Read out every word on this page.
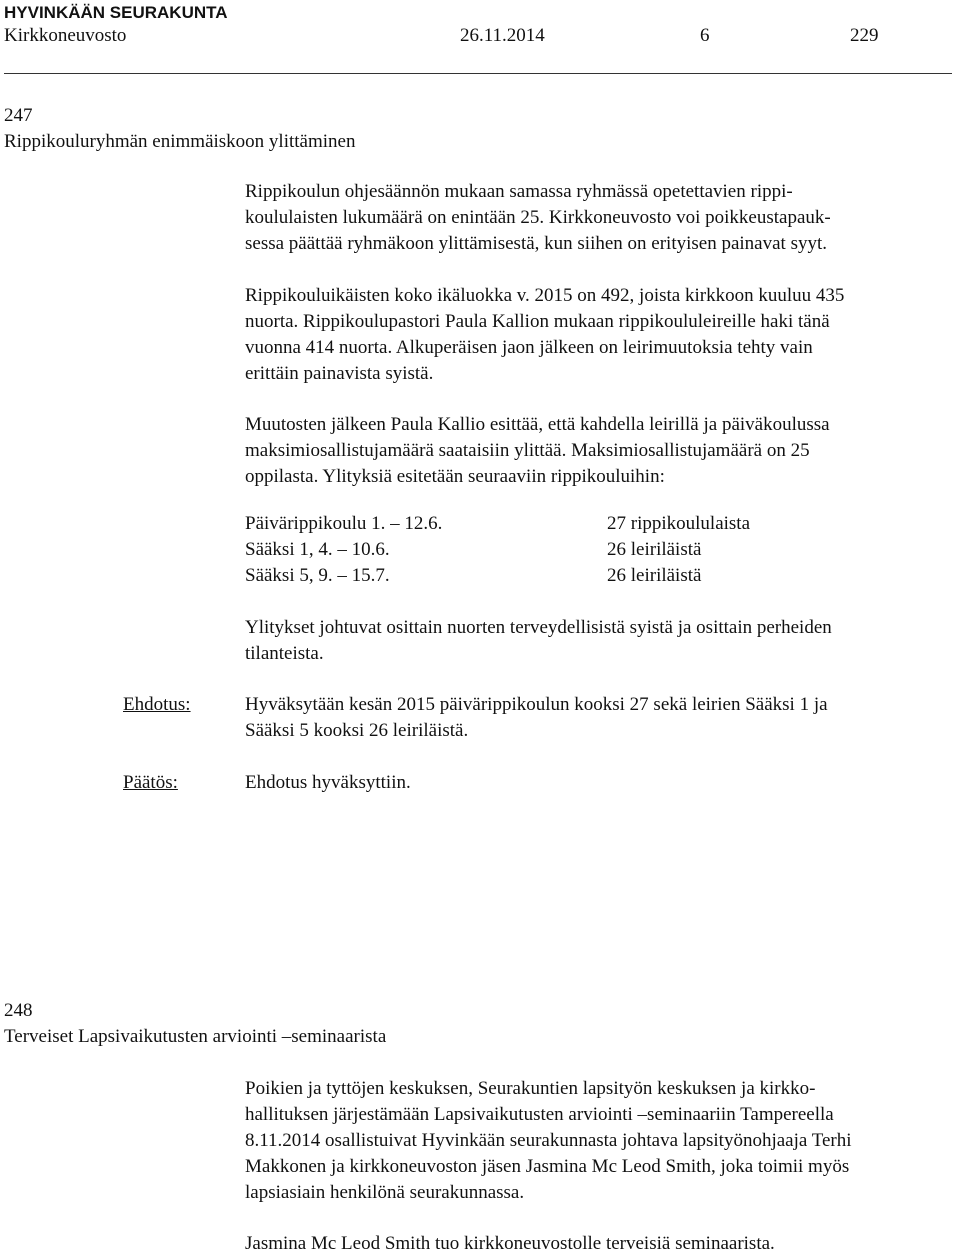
HYVINKÄÄN SEURAKUNTA
Kirkkoneuvosto	26.11.2014	6	229
247
Rippikouluryhmän enimmäiskoon ylittäminen
Rippikoulun ohjesäännön mukaan samassa ryhmässä opetettavien rippi-
koululaisten lukumäärä on enintään 25. Kirkkoneuvosto voi poikkeustapauk-
sessa päättää ryhmäkoon ylittämisestä, kun siihen on erityisen painavat syyt.
Rippikouluikäisten koko ikäluokka v. 2015 on 492, joista kirkkoon kuuluu 435
nuorta. Rippikoulupastori Paula Kallion mukaan rippikoululeireille haki tänä
vuonna 414 nuorta. Alkuperäisen jaon jälkeen on leirimuutoksia tehty vain
erittäin painavista syistä.
Muutosten jälkeen Paula Kallio esittää, että kahdella leirillä ja päiväkoulussa
maksimiosallistujamäärä saataisiin ylittää. Maksimiosallistujamäärä on 25
oppilasta. Ylityksiä esitetään seuraaviin rippikouluihin:
Päivärippikoulu 1. – 12.6.	27 rippikoululaista
Sääksi 1, 4. – 10.6.	26 leiriläistä
Sääksi 5, 9. – 15.7.	26 leiriläistä
Ylitykset johtuvat osittain nuorten terveydellisistä syistä ja osittain perheiden
tilanteista.
Ehdotus:	Hyväksytään kesän 2015 päivärippikoulun kooksi 27 sekä leirien Sääksi 1 ja
Sääksi 5 kooksi 26 leiriläistä.
Päätös:	Ehdotus hyväksyttiin.
248
Terveiset Lapsivaikutusten arviointi –seminaarista
Poikien ja tyttöjen keskuksen, Seurakuntien lapsityön keskuksen ja kirkko-
hallituksen järjestämään Lapsivaikutusten arviointi –seminaariin Tampereella
8.11.2014 osallistuivat Hyvinkään seurakunnasta johtava lapsityönohjaaja Terhi
Makkonen ja kirkkoneuvoston jäsen Jasmina Mc Leod Smith, joka toimii myös
lapsiasiain henkilönä seurakunnassa.
Jasmina Mc Leod Smith tuo kirkkoneuvostolle terveisiä seminaarista.
